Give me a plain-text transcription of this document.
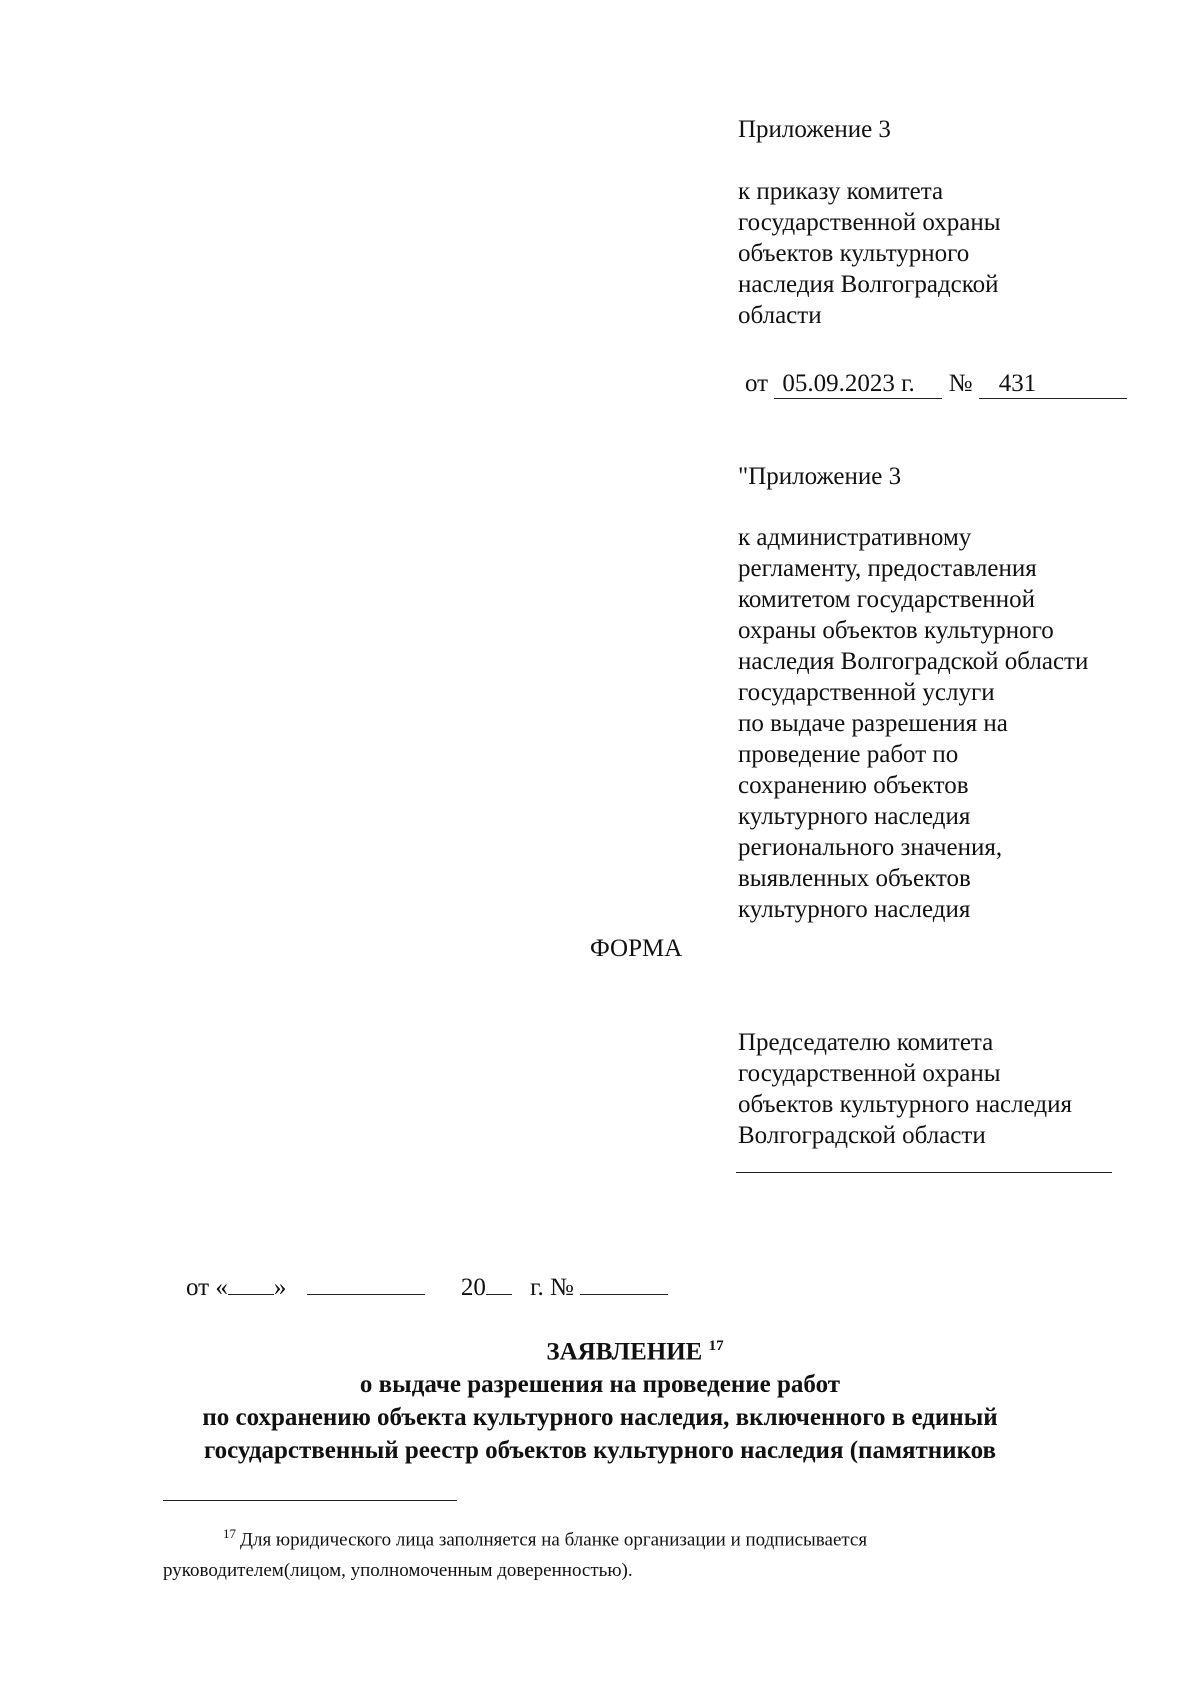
Приложение 3
к приказу комитета
государственной охраны
объектов культурного
наследия Волгоградской
области
от 05.09.2023 г. № 431
"Приложение 3
к административному
регламенту, предоставления
комитетом государственной
охраны объектов культурного
наследия Волгоградской области
государственной услуги
по выдаче разрешения на
проведение работ по
сохранению объектов
культурного наследия
регионального значения,
выявленных объектов
культурного наследия
ФОРМА
Председателю комитета
государственной охраны
объектов культурного наследия
Волгоградской области
от « »	20 г. №
ЗАЯВЛЕНИЕ $^{17}$
о выдаче разрешения на проведение работ
по сохранению объекта культурного наследия, включенного в единый
государственный реестр объектов культурного наследия (памятников
$^{17}$ Для юридического лица заполняется на бланке организации и подписывается
руководителем(лицом, уполномоченным доверенностью).
